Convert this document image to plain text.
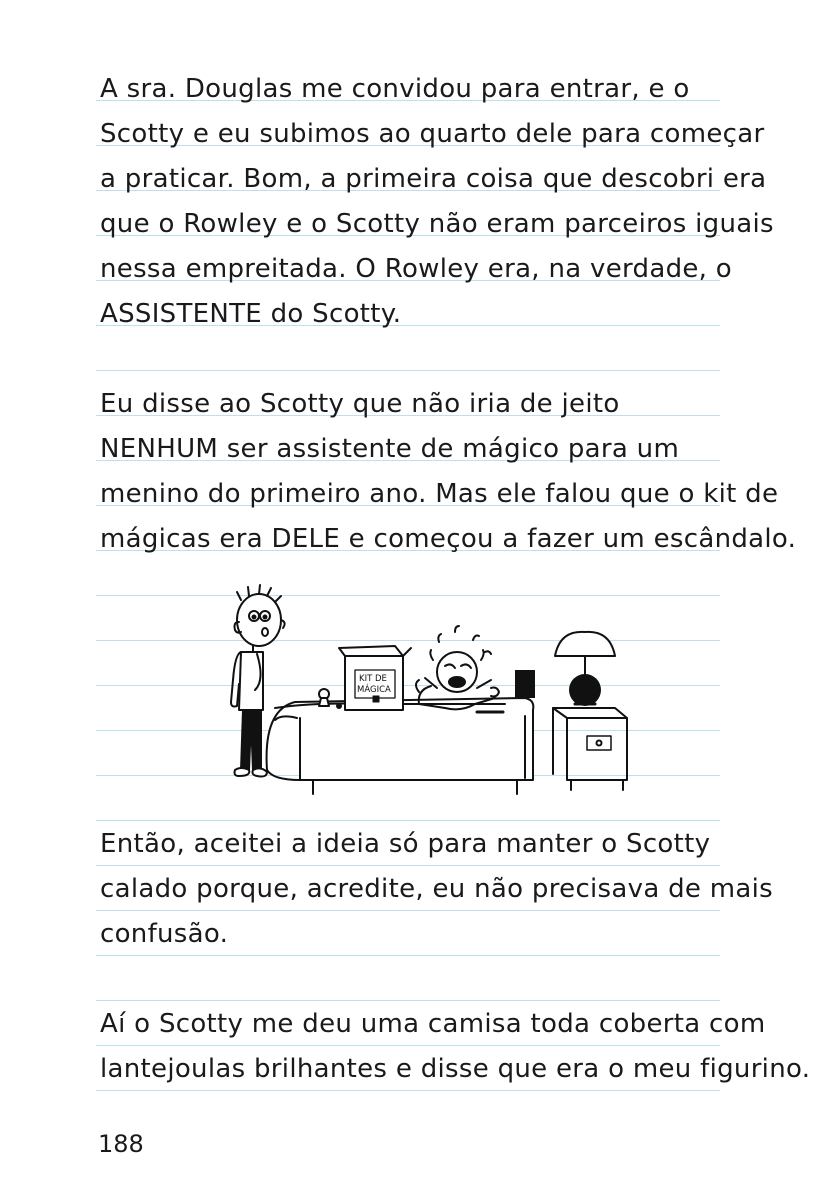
A sra. Douglas me convidou para entrar, e o
Scotty e eu subimos ao quarto dele para começar
a praticar. Bom, a primeira coisa que descobri era
que o Rowley e o Scotty não eram parceiros iguais
nessa empreitada. O Rowley era, na verdade, o
ASSISTENTE do Scotty.
Eu disse ao Scotty que não iria de jeito
NENHUM ser assistente de mágico para um
menino do primeiro ano. Mas ele falou que o kit de
mágicas era DELE e começou a fazer um escândalo.
KIT DE
MÁGICA
Então, aceitei a ideia só para manter o Scotty
calado porque, acredite, eu não precisava de mais
confusão.
Aí o Scotty me deu uma camisa toda coberta com
lantejoulas brilhantes e disse que era o meu figurino.
188
